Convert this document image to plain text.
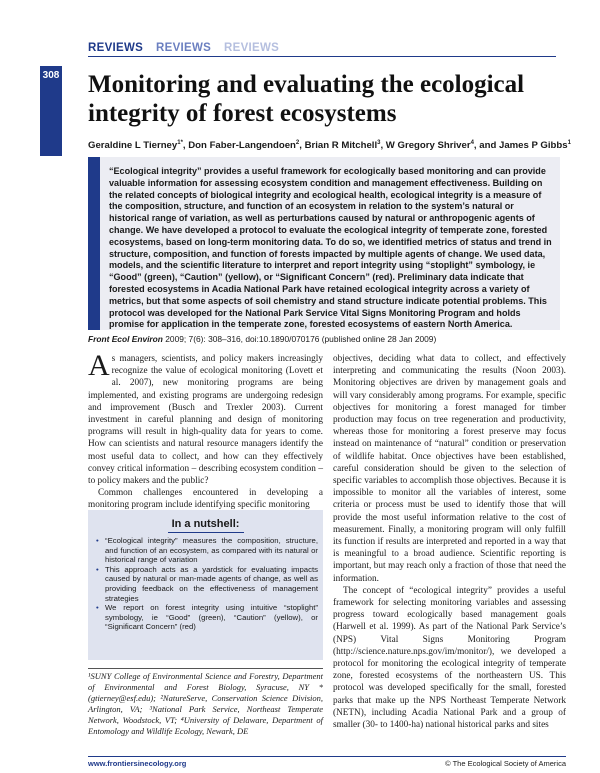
REVIEWS REVIEWS REVIEWS
308 Monitoring and evaluating the ecological integrity of forest ecosystems
Geraldine L Tierney$^{1*}$, Don Faber-Langendoen$^2$, Brian R Mitchell$^3$, W Gregory Shriver$^4$, and James P Gibbs$^1$
“Ecological integrity” provides a useful framework for ecologically based monitoring and can provide valuable information for assessing ecosystem condition and management effectiveness. Building on the related concepts of biological integrity and ecological health, ecological integrity is a measure of the composition, structure, and function of an ecosystem in relation to the system’s natural or historical range of variation, as well as perturbations caused by natural or anthropogenic agents of change. We have developed a protocol to evaluate the ecological integrity of temperate zone, forested ecosystems, based on long-term monitoring data. To do so, we identified metrics of status and trend in structure, composition, and function of forests impacted by multiple agents of change. We used data, models, and the scientific literature to interpret and report integrity using “stoplight” symbology, ie “Good” (green), “Caution” (yellow), or “Significant Concern” (red). Preliminary data indicate that forested ecosystems in Acadia National Park have retained ecological integrity across a variety of metrics, but that some aspects of soil chemistry and stand structure indicate potential problems. This protocol was developed for the National Park Service Vital Signs Monitoring Program and holds promise for application in the temperate zone, forested ecosystems of eastern North America.
Front Ecol Environ 2009; 7(6): 308–316, doi:10.1890/070176 (published online 28 Jan 2009)

As managers, scientists, and policy makers increasingly recognize the value of ecological monitoring (Lovett et al. 2007), new monitoring programs are being implemented, and existing programs are undergoing redesign and improvement (Busch and Trexler 2003). Current investment in careful planning and design of monitoring programs will result in high-quality data for years to come. How can scientists and natural resource managers identify the most useful data to collect, and how can they effectively convey critical information – describing ecosystem condition – to policy makers and the public?

Common challenges encountered in developing a monitoring program include identifying specific monitoring

In a nutshell:
• “Ecological integrity” measures the composition, structure, and function of an ecosystem, as compared with its natural or historical range of variation
• This approach acts as a yardstick for evaluating impacts caused by natural or man-made agents of change, as well as providing feedback on the effectiveness of management strategies
• We report on forest integrity using intuitive “stoplight” symbology, ie “Good” (green), “Caution” (yellow), or “Significant Concern” (red)
¹SUNY College of Environmental Science and Forestry, Department of Environmental and Forest Biology, Syracuse, NY *(gtierney@esf.edu); ²NatureServe, Conservation Science Division, Arlington, VA; ³National Park Service, Northeast Temperate Network, Woodstock, VT; ⁴University of Delaware, Department of Entomology and Wildlife Ecology, Newark, DE

objectives, deciding what data to collect, and effectively interpreting and communicating the results (Noon 2003). Monitoring objectives are driven by management goals and will vary considerably among programs. For example, specific objectives for monitoring a forest managed for timber production may focus on tree regeneration and productivity, whereas those for monitoring a forest preserve may focus instead on maintenance of “natural” condition or preservation of wildlife habitat. Once objectives have been established, careful consideration should be given to the selection of specific variables to accomplish those objectives. Because it is impossible to monitor all the variables of interest, some criteria or process must be used to identify those that will provide the most useful information relative to the cost of measurement. Finally, a monitoring program will only fulfill its function if results are interpreted and reported in a way that is meaningful to a broad audience. Scientific reporting is important, but may reach only a fraction of those that need the information.

The concept of “ecological integrity” provides a useful framework for selecting monitoring variables and assessing progress toward ecologically based management goals (Harwell et al. 1999). As part of the National Park Service’s (NPS) Vital Signs Monitoring Program (http://science.nature.nps.gov/im/monitor/), we developed a protocol for monitoring the ecological integrity of temperate zone, forested ecosystems of the northeastern US. This protocol was developed specifically for the small, forested parks that make up the NPS Northeast Temperate Network (NETN), including Acadia National Park and a group of smaller (30- to 1400-ha) national historical parks and sites

www.frontiersinecology.org	© The Ecological Society of America
